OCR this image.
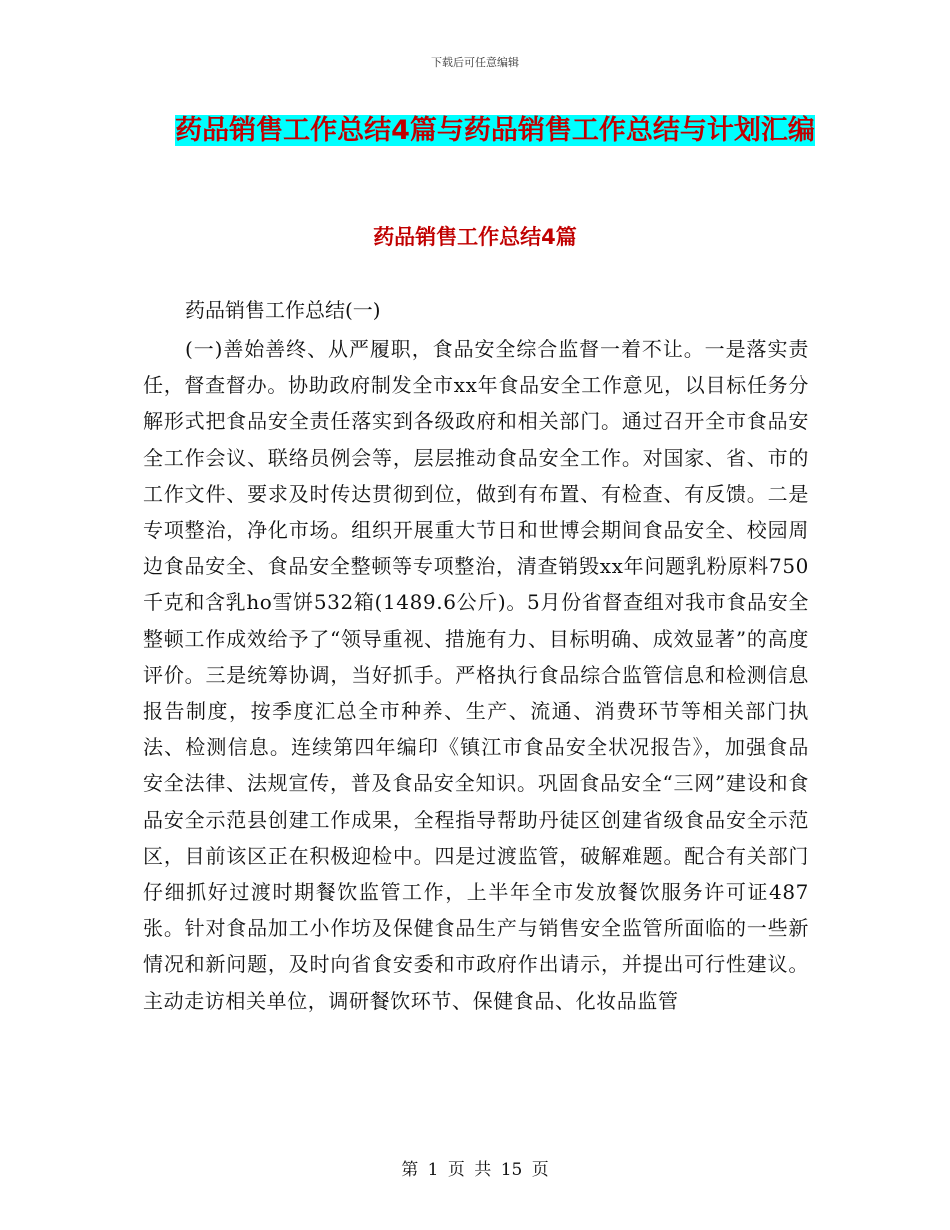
下载后可任意编辑
药品销售工作总结4篇与药品销售工作总结与计划汇编
药品销售工作总结4篇

药品销售工作总结(一)

(一)善始善终、从严履职，食品安全综合监督一着不让。一是落实责任，督查督办。协助政府制发全市xx年食品安全工作意见，以目标任务分解形式把食品安全责任落实到各级政府和相关部门。通过召开全市食品安全工作会议、联络员例会等，层层推动食品安全工作。对国家、省、市的工作文件、要求及时传达贯彻到位，做到有布置、有检查、有反馈。二是专项整治，净化市场。组织开展重大节日和世博会期间食品安全、校园周边食品安全、食品安全整顿等专项整治，清查销毁xx年问题乳粉原料750千克和含乳ho雪饼532箱(1489.6公斤)。5月份省督查组对我市食品安全整顿工作成效给予了“领导重视、措施有力、目标明确、成效显著”的高度评价。三是统筹协调，当好抓手。严格执行食品综合监管信息和检测信息报告制度，按季度汇总全市种养、生产、流通、消费环节等相关部门执法、检测信息。连续第四年编印《镇江市食品安全状况报告》，加强食品安全法律、法规宣传，普及食品安全知识。巩固食品安全“三网”建设和食品安全示范县创建工作成果，全程指导帮助丹徒区创建省级食品安全示范区，目前该区正在积极迎检中。四是过渡监管，破解难题。配合有关部门仔细抓好过渡时期餐饮监管工作，上半年全市发放餐饮服务许可证487张。针对食品加工小作坊及保健食品生产与销售安全监管所面临的一些新情况和新问题，及时向省食安委和市政府作出请示，并提出可行性建议。主动走访相关单位，调研餐饮环节、保健食品、化妆品监管

第 1 页 共 15 页
